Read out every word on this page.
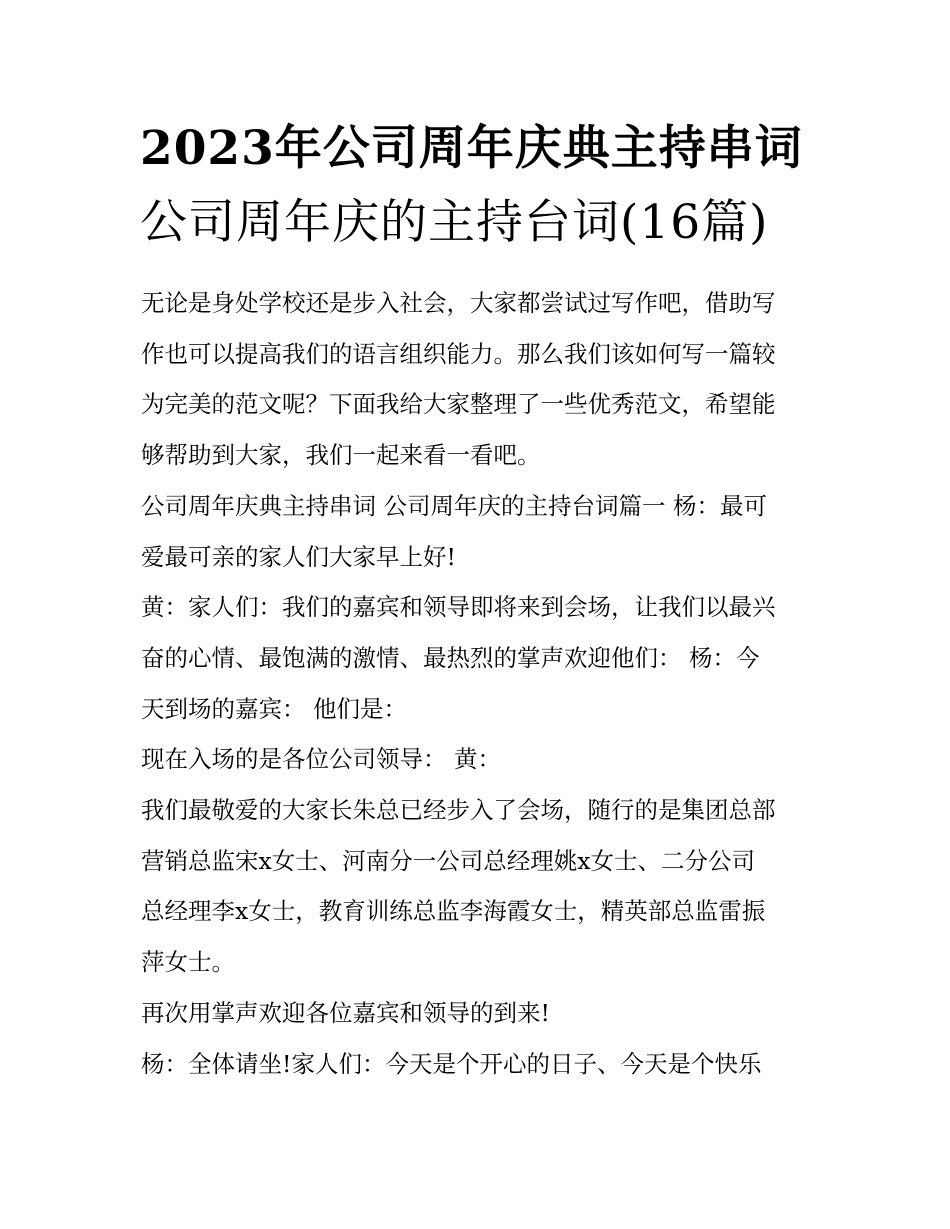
2023年公司周年庆典主持串词
公司周年庆的主持台词(16篇)
无论是身处学校还是步入社会，大家都尝试过写作吧，借助写
作也可以提高我们的语言组织能力。那么我们该如何写一篇较
为完美的范文呢？下面我给大家整理了一些优秀范文，希望能
够帮助到大家，我们一起来看一看吧。
公司周年庆典主持串词 公司周年庆的主持台词篇一 杨：最可
爱最可亲的家人们大家早上好!
黄：家人们：我们的嘉宾和领导即将来到会场，让我们以最兴
奋的心情、最饱满的激情、最热烈的掌声欢迎他们： 杨：今
天到场的嘉宾： 他们是：
现在入场的是各位公司领导： 黄：
我们最敬爱的大家长朱总已经步入了会场，随行的是集团总部
营销总监宋x女士、河南分一公司总经理姚x女士、二分公司
总经理李x女士，教育训练总监李海霞女士，精英部总监雷振
萍女士。
再次用掌声欢迎各位嘉宾和领导的到来!
杨：全体请坐!家人们：今天是个开心的日子、今天是个快乐
